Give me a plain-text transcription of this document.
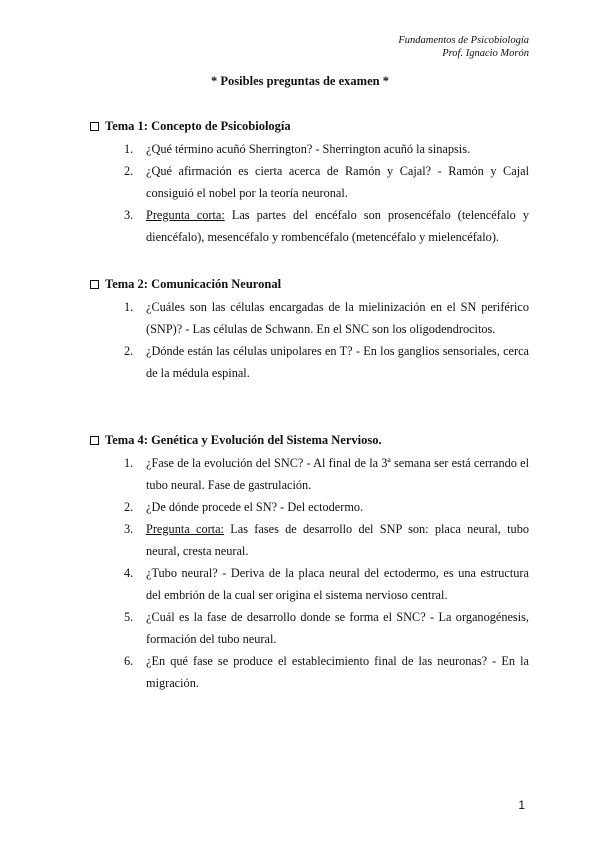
Fundamentos de Psicobiología
Prof. Ignacio Morón
* Posibles preguntas de examen *
Tema 1: Concepto de Psicobiología
1.	¿Qué término acuñó Sherrington? - Sherrington acuñó la sinapsis.
2.	¿Qué afirmación es cierta acerca de Ramón y Cajal? - Ramón y Cajal consiguió el nobel por la teoría neuronal.
3.	Pregunta corta: Las partes del encéfalo son prosencéfalo (telencéfalo y diencéfalo), mesencéfalo y rombencéfalo (metencéfalo y mielencéfalo).
Tema 2: Comunicación Neuronal
1.	¿Cuáles son las células encargadas de la mielinización en el SN periférico (SNP)? - Las células de Schwann. En el SNC son los oligodendrocitos.
2.	¿Dónde están las células unipolares en T? - En los ganglios sensoriales, cerca de la médula espinal.
Tema 4: Genética y Evolución del Sistema Nervioso.
1.	¿Fase de la evolución del SNC? - Al final de la 3ª semana ser está cerrando el tubo neural. Fase de gastrulación.
2.	¿De dónde procede el SN? - Del ectodermo.
3.	Pregunta corta: Las fases de desarrollo del SNP son: placa neural, tubo neural, cresta neural.
4.	¿Tubo neural? - Deriva de la placa neural del ectodermo, es una estructura del embrión de la cual ser origina el sistema nervioso central.
5.	¿Cuál es la fase de desarrollo donde se forma el SNC? - La organogénesis, formación del tubo neural.
6.	¿En qué fase se produce el establecimiento final de las neuronas? - En la migración.
1
